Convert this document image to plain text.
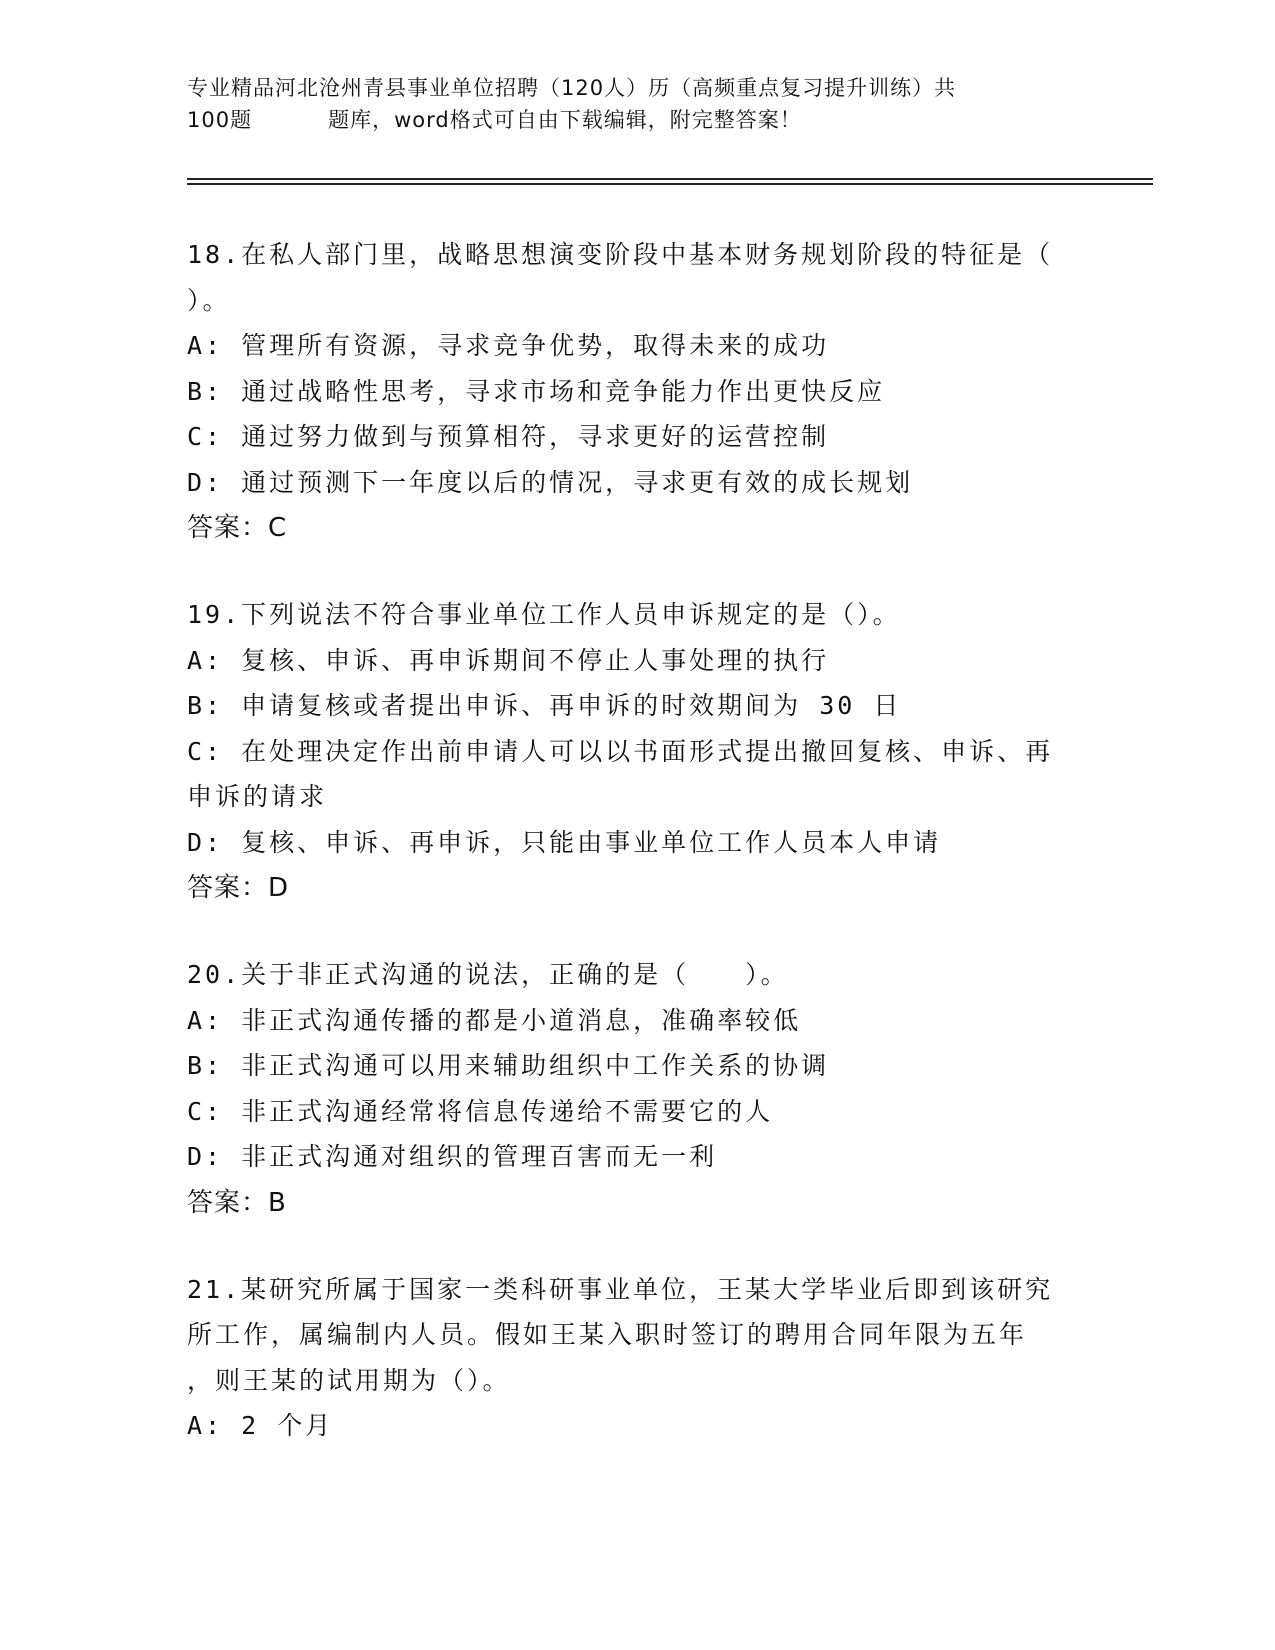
专业精品河北沧州青县事业单位招聘（120人）历（高频重点复习提升训练）共
100题	题库，word格式可自由下载编辑，附完整答案！
18.在私人部门里，战略思想演变阶段中基本财务规划阶段的特征是（
）。
A: 管理所有资源，寻求竞争优势，取得未来的成功
B: 通过战略性思考，寻求市场和竞争能力作出更快反应
C: 通过努力做到与预算相符，寻求更好的运营控制
D: 通过预测下一年度以后的情况，寻求更有效的成长规划
答案：C
19.下列说法不符合事业单位工作人员申诉规定的是（）。
A: 复核、申诉、再申诉期间不停止人事处理的执行
B: 申请复核或者提出申诉、再申诉的时效期间为 30 日
C: 在处理决定作出前申请人可以以书面形式提出撤回复核、申诉、再
申诉的请求
D: 复核、申诉、再申诉，只能由事业单位工作人员本人申请
答案：D
20.关于非正式沟通的说法，正确的是（　　）。
A: 非正式沟通传播的都是小道消息，准确率较低
B: 非正式沟通可以用来辅助组织中工作关系的协调
C: 非正式沟通经常将信息传递给不需要它的人
D: 非正式沟通对组织的管理百害而无一利
答案：B
21.某研究所属于国家一类科研事业单位，王某大学毕业后即到该研究
所工作，属编制内人员。假如王某入职时签订的聘用合同年限为五年
，则王某的试用期为（）。
A: 2 个月
